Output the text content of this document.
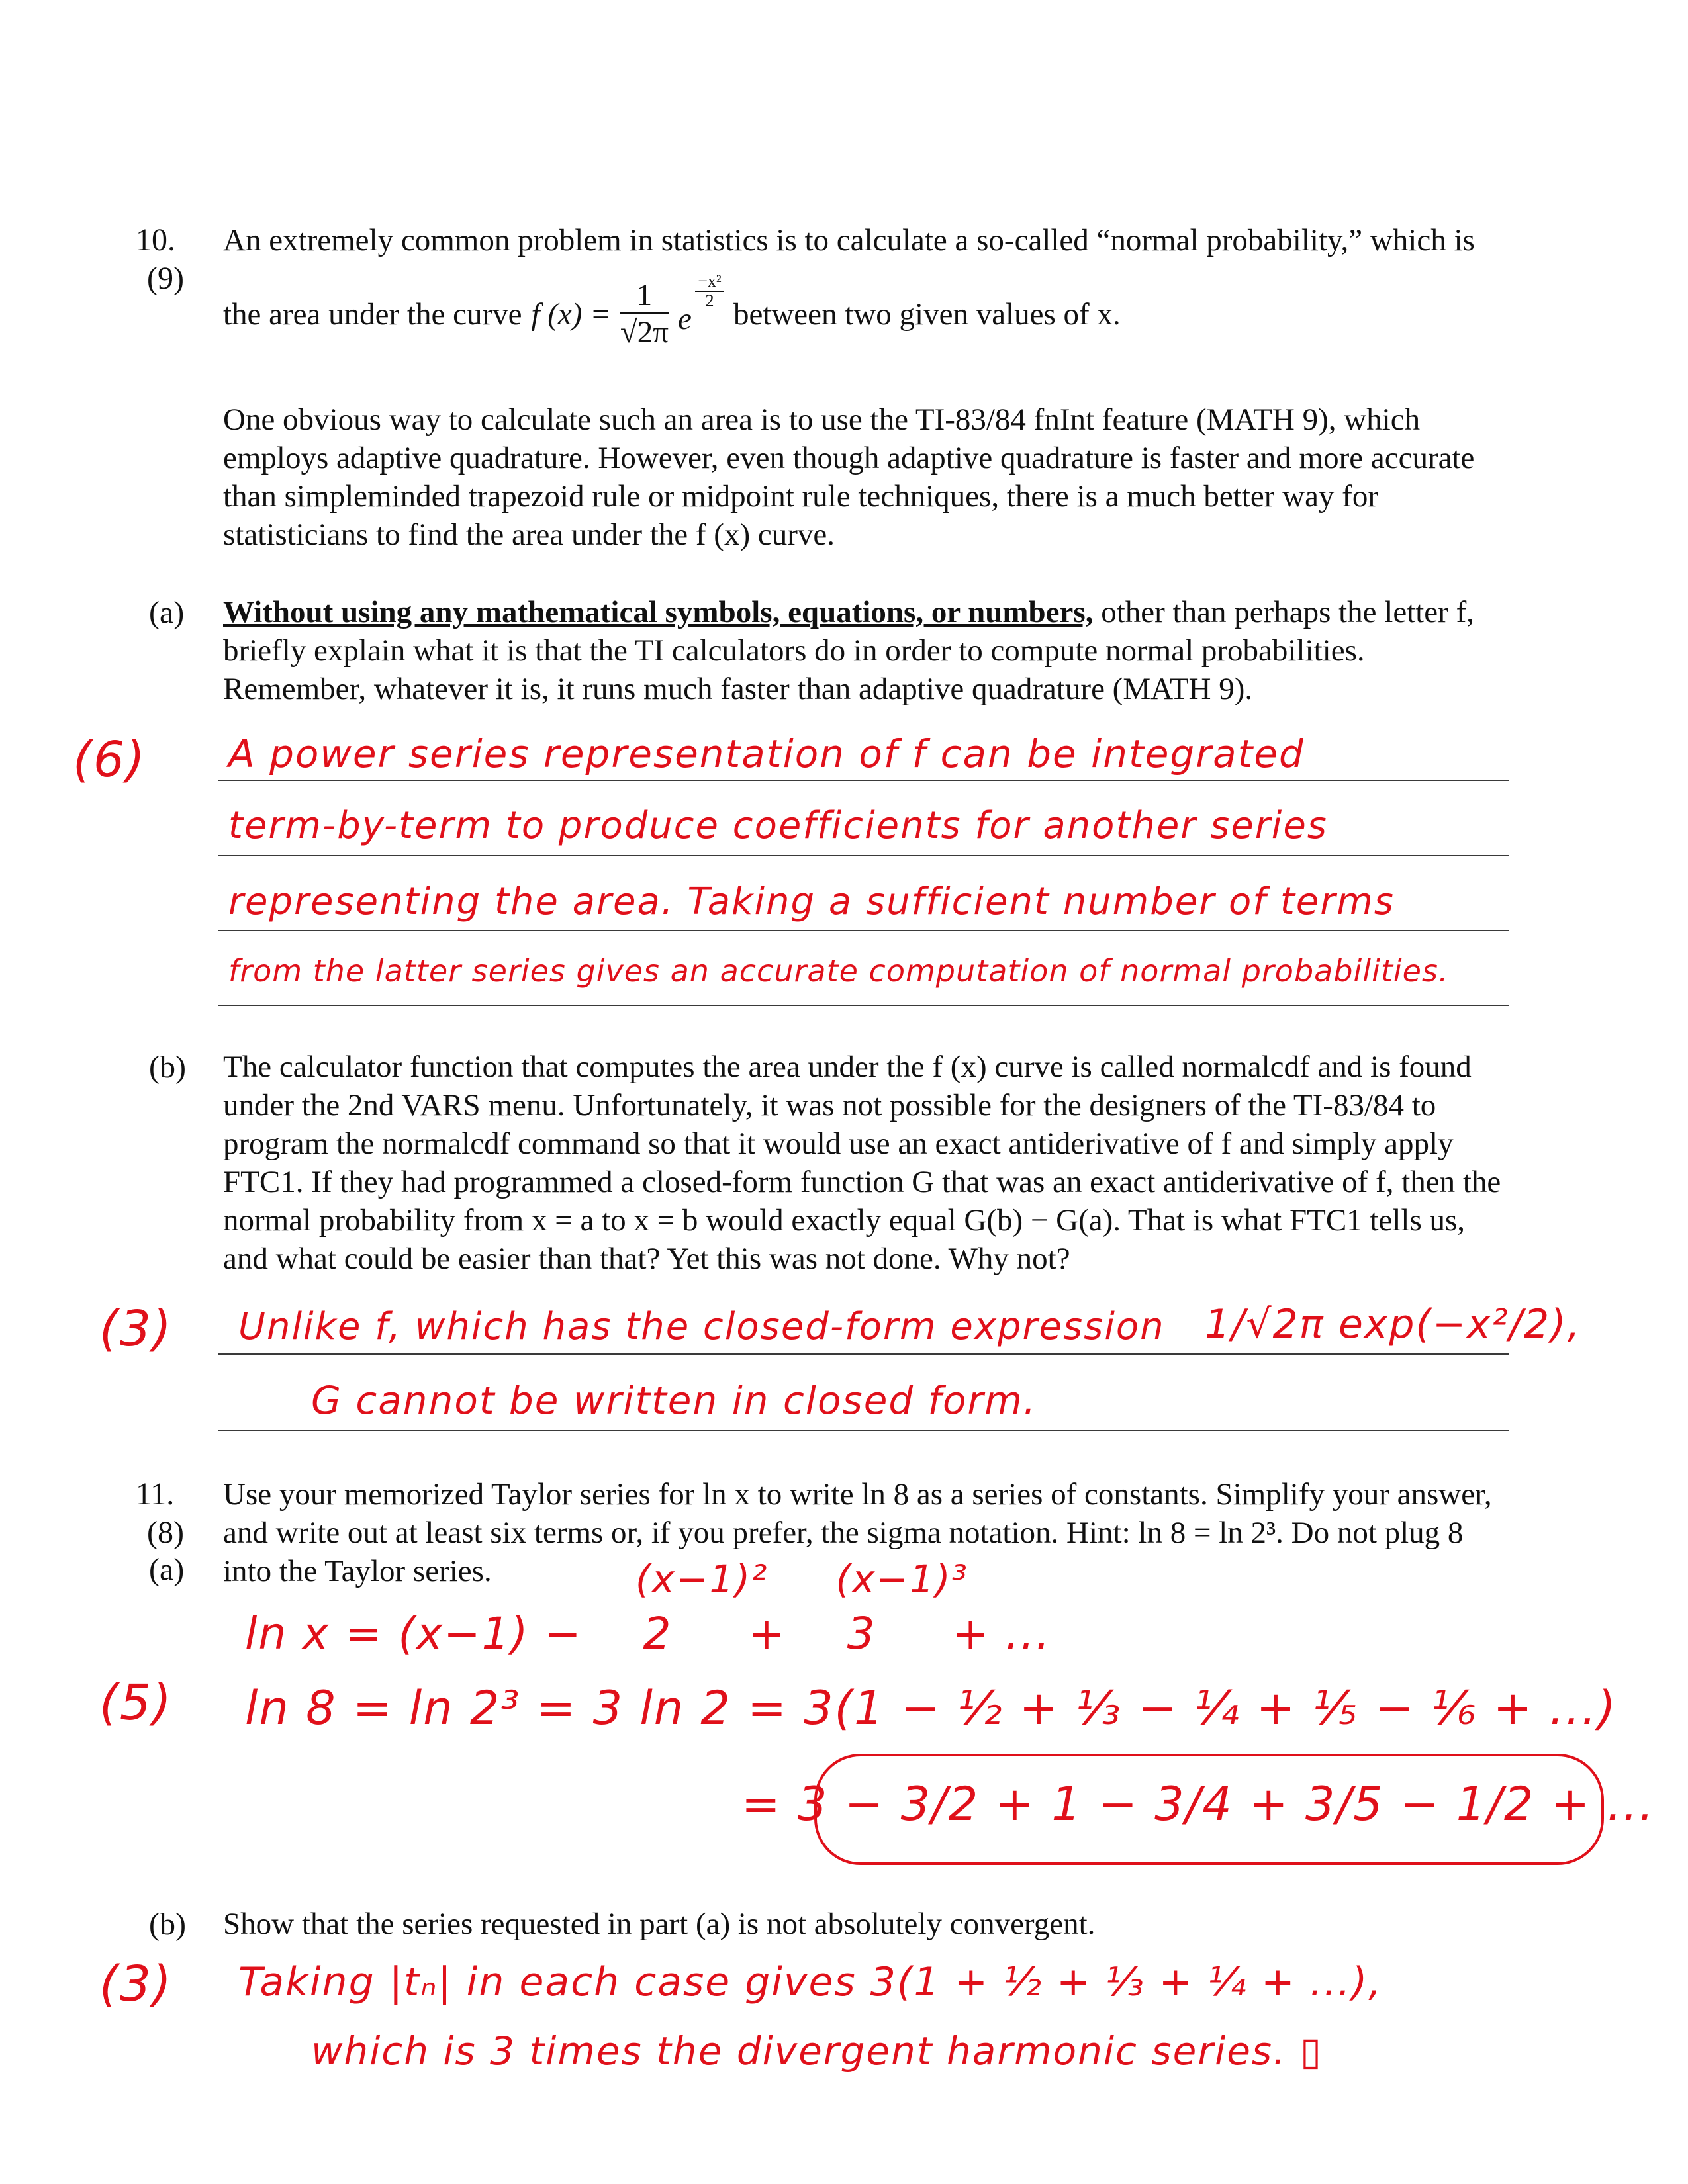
10.
(9)
An extremely common problem in statistics is to calculate a so-called “normal probability,” which is
the area under the curve f $(x) = \frac{1}{√2\pi}$ e
$\frac{\text{−x²}}{2}$
between two given values of x.
One obvious way to calculate such an area is to use the TI-83/84 fnInt feature (MATH 9), which
employs adaptive quadrature. However, even though adaptive quadrature is faster and more accurate
than simpleminded trapezoid rule or midpoint rule techniques, there is a much better way for
statisticians to find the area under the f (x) curve.
(a) Without using any mathematical symbols, equations, or numbers, other than perhaps the letter f,
briefly explain what it is that the TI calculators do in order to compute normal probabilities.
Remember, whatever it is, it runs much faster than adaptive quadrature (MATH 9).
(6) A power series representation of f can be integrated
term-by-term to produce coefficients for another series
representing the area. Taking a sufficient number of terms
from the latter series gives an accurate computation of normal probabilities.
(b) The calculator function that computes the area under the f (x) curve is called normalcdf and is found
under the 2nd VARS menu. Unfortunately, it was not possible for the designers of the TI-83/84 to
program the normalcdf command so that it would use an exact antiderivative of f and simply apply
FTC1. If they had programmed a closed-form function G that was an exact antiderivative of f, then the
normal probability from x = a to x = b would exactly equal G(b) − G(a). That is what FTC1 tells us,
and what could be easier than that? Yet this was not done. Why not?
(3) Unlike f, which has the closed-form expression 1/√2π exp(−x²/2),
G cannot be written in closed form.
11.
(8)
(a)
Use your memorized Taylor series for ln x to write ln 8 as a series of constants. Simplify your answer,
and write out at least six terms or, if you prefer, the sigma notation. Hint: ln 8 = ln 2³. Do not plug 8
into the Taylor series.
(5)
(x−1)²     (x−1)³
ln x = (x−1) −    2     +    3     + ...
ln 8 = ln 2³ = 3 ln 2 = 3(1 − ½ + ⅓ − ¼ + ⅕ − ⅙ + ...)
= 3 − 3/2 + 1 − 3/4 + 3/5 − 1/2 + ...
(b) Show that the series requested in part (a) is not absolutely convergent.
(3) Taking |tₙ| in each case gives 3(1 + ½ + ⅓ + ¼ + ...),
which is 3 times the divergent harmonic series. ▯
